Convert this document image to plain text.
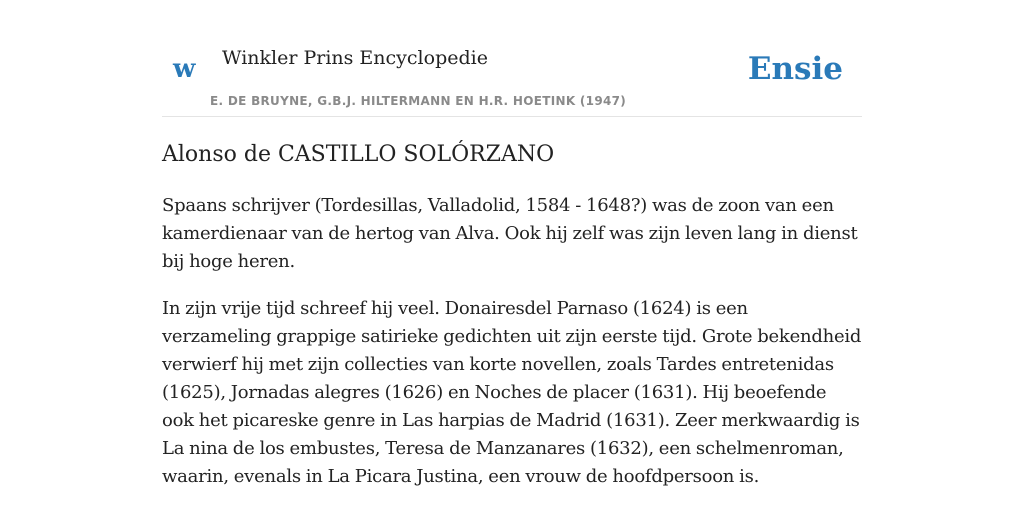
w Winkler Prins Encyclopedie
E. DE BRUYNE, G.B.J. HILTERMANN EN H.R. HOETINK (1947)
Ensie
Alonso de CASTILLO SOLÓRZANO

Spaans schrijver (Tordesillas, Valladolid, 1584 - 1648?) was de zoon van een kamerdienaar van de hertog van Alva. Ook hij zelf was zijn leven lang in dienst bij hoge heren.

In zijn vrije tijd schreef hij veel. Donairesdel Parnaso (1624) is een verzameling grappige satirieke gedichten uit zijn eerste tijd. Grote bekendheid verwierf hij met zijn collecties van korte novellen, zoals Tardes entretenidas (1625), Jornadas alegres (1626) en Noches de placer (1631). Hij beoefende ook het picareske genre in Las harpias de Madrid (1631). Zeer merkwaardig is La nina de los embustes, Teresa de Manzanares (1632), een schelmenroman, waarin, evenals in La Picara Justina, een vrouw de hoofdpersoon is.
